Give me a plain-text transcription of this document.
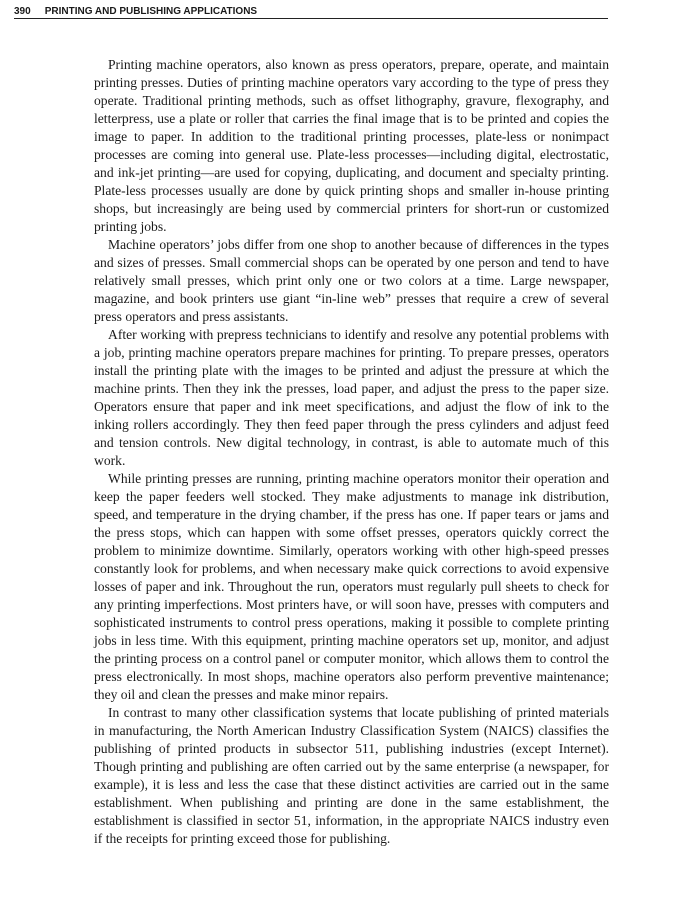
390 PRINTING AND PUBLISHING APPLICATIONS

Printing machine operators, also known as press operators, prepare, operate, and maintain printing presses. Duties of printing machine operators vary according to the type of press they operate. Traditional printing methods, such as offset lithography, gravure, flexography, and letterpress, use a plate or roller that carries the final image that is to be printed and copies the image to paper. In addition to the traditional printing processes, plate-less or nonimpact processes are coming into general use. Plate-less processes—including digital, electrostatic, and ink-jet printing—are used for copying, duplicating, and document and specialty printing. Plate-less processes usually are done by quick printing shops and smaller in-house printing shops, but increasingly are being used by commercial printers for short-run or customized printing jobs.

Machine operators’ jobs differ from one shop to another because of differences in the types and sizes of presses. Small commercial shops can be operated by one person and tend to have relatively small presses, which print only one or two colors at a time. Large newspaper, magazine, and book printers use giant “in-line web” presses that require a crew of several press operators and press assistants.

After working with prepress technicians to identify and resolve any potential problems with a job, printing machine operators prepare machines for printing. To prepare presses, operators install the printing plate with the images to be printed and adjust the pressure at which the machine prints. Then they ink the presses, load paper, and adjust the press to the paper size. Operators ensure that paper and ink meet specifications, and adjust the flow of ink to the inking rollers accordingly. They then feed paper through the press cylinders and adjust feed and tension controls. New digital technology, in contrast, is able to automate much of this work.

While printing presses are running, printing machine operators monitor their operation and keep the paper feeders well stocked. They make adjustments to manage ink distribution, speed, and temperature in the drying chamber, if the press has one. If paper tears or jams and the press stops, which can happen with some offset presses, operators quickly correct the problem to minimize downtime. Similarly, operators working with other high-speed presses constantly look for problems, and when necessary make quick corrections to avoid expensive losses of paper and ink. Throughout the run, operators must regularly pull sheets to check for any printing imperfections. Most printers have, or will soon have, presses with computers and sophisticated instruments to control press operations, making it possible to complete printing jobs in less time. With this equipment, printing machine operators set up, monitor, and adjust the printing process on a control panel or computer monitor, which allows them to control the press electronically. In most shops, machine operators also perform preventive maintenance; they oil and clean the presses and make minor repairs.

In contrast to many other classification systems that locate publishing of printed materials in manufacturing, the North American Industry Classification System (NAICS) classifies the publishing of printed products in subsector 511, publishing industries (except Internet). Though printing and publishing are often carried out by the same enterprise (a newspaper, for example), it is less and less the case that these distinct activities are carried out in the same establishment. When publishing and printing are done in the same establishment, the establishment is classified in sector 51, information, in the appropriate NAICS industry even if the receipts for printing exceed those for publishing.
